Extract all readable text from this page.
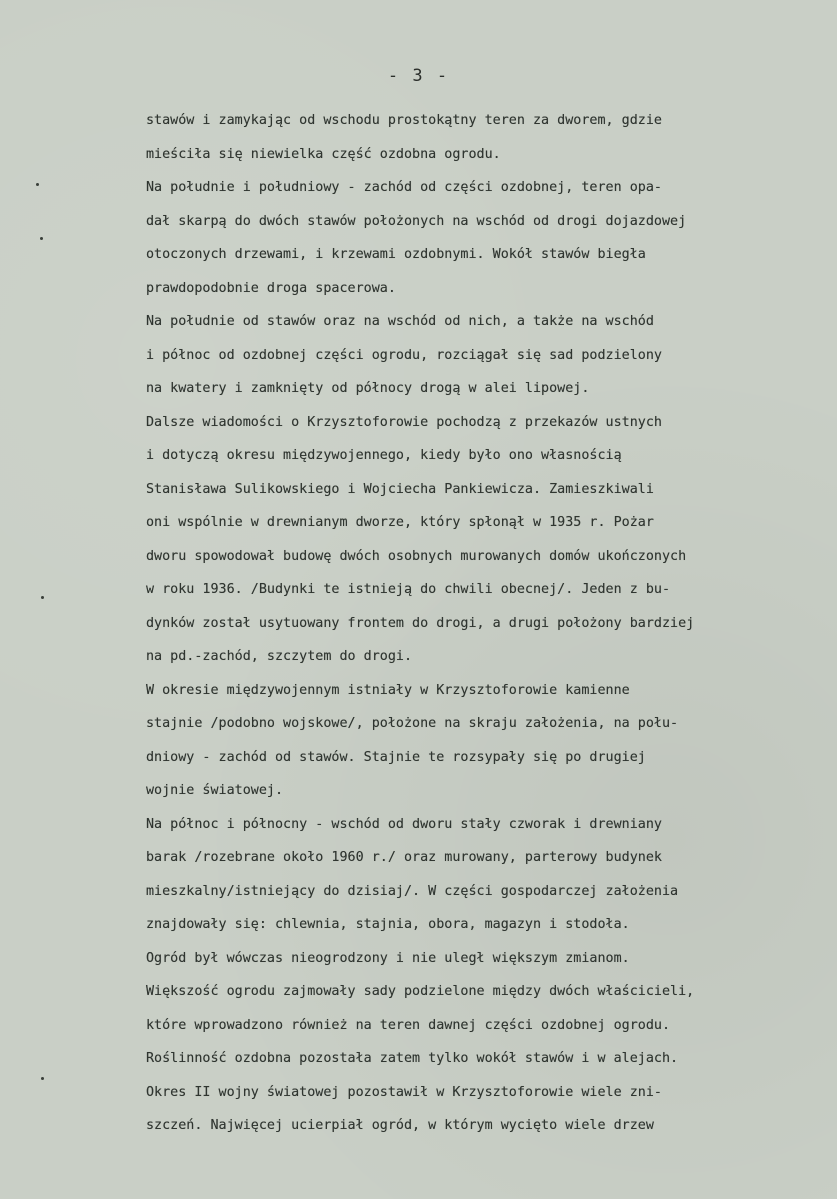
- 3 -
stawów i zamykając od wschodu prostokątny teren za dworem, gdzie
mieściła się niewielka część ozdobna ogrodu.
Na południe i południowy - zachód od części ozdobnej, teren opa-
dał skarpą do dwóch stawów położonych na wschód od drogi dojazdowej
otoczonych drzewami, i krzewami ozdobnymi. Wokół stawów biegła
prawdopodobnie droga spacerowa.
Na południe od stawów oraz na wschód od nich, a także na wschód
i północ od ozdobnej części ogrodu, rozciągał się sad podzielony
na kwatery i zamknięty od północy drogą w alei lipowej.
Dalsze wiadomości o Krzysztoforowie pochodzą z przekazów ustnych
i dotyczą okresu międzywojennego, kiedy było ono własnością
Stanisława Sulikowskiego i Wojciecha Pankiewicza. Zamieszkiwali
oni wspólnie w drewnianym dworze, który spłonął w 1935 r. Pożar
dworu spowodował budowę dwóch osobnych murowanych domów ukończonych
w roku 1936. /Budynki te istnieją do chwili obecnej/. Jeden z bu-
dynków został usytuowany frontem do drogi, a drugi położony bardziej
na pd.-zachód, szczytem do drogi.
W okresie międzywojennym istniały w Krzysztoforowie kamienne
stajnie /podobno wojskowe/, położone na skraju założenia, na połu-
dniowy - zachód od stawów. Stajnie te rozsypały się po drugiej
wojnie światowej.
Na północ i północny - wschód od dworu stały czworak i drewniany
barak /rozebrane około 1960 r./ oraz murowany, parterowy budynek
mieszkalny/istniejący do dzisiaj/. W części gospodarczej założenia
znajdowały się: chlewnia, stajnia, obora, magazyn i stodoła.
Ogród był wówczas nieogrodzony i nie uległ większym zmianom.
Większość ogrodu zajmowały sady podzielone między dwóch właścicieli,
które wprowadzono również na teren dawnej części ozdobnej ogrodu.
Roślinność ozdobna pozostała zatem tylko wokół stawów i w alejach.
Okres II wojny światowej pozostawił w Krzysztoforowie wiele zni-
szczeń. Najwięcej ucierpiał ogród, w którym wycięto wiele drzew
